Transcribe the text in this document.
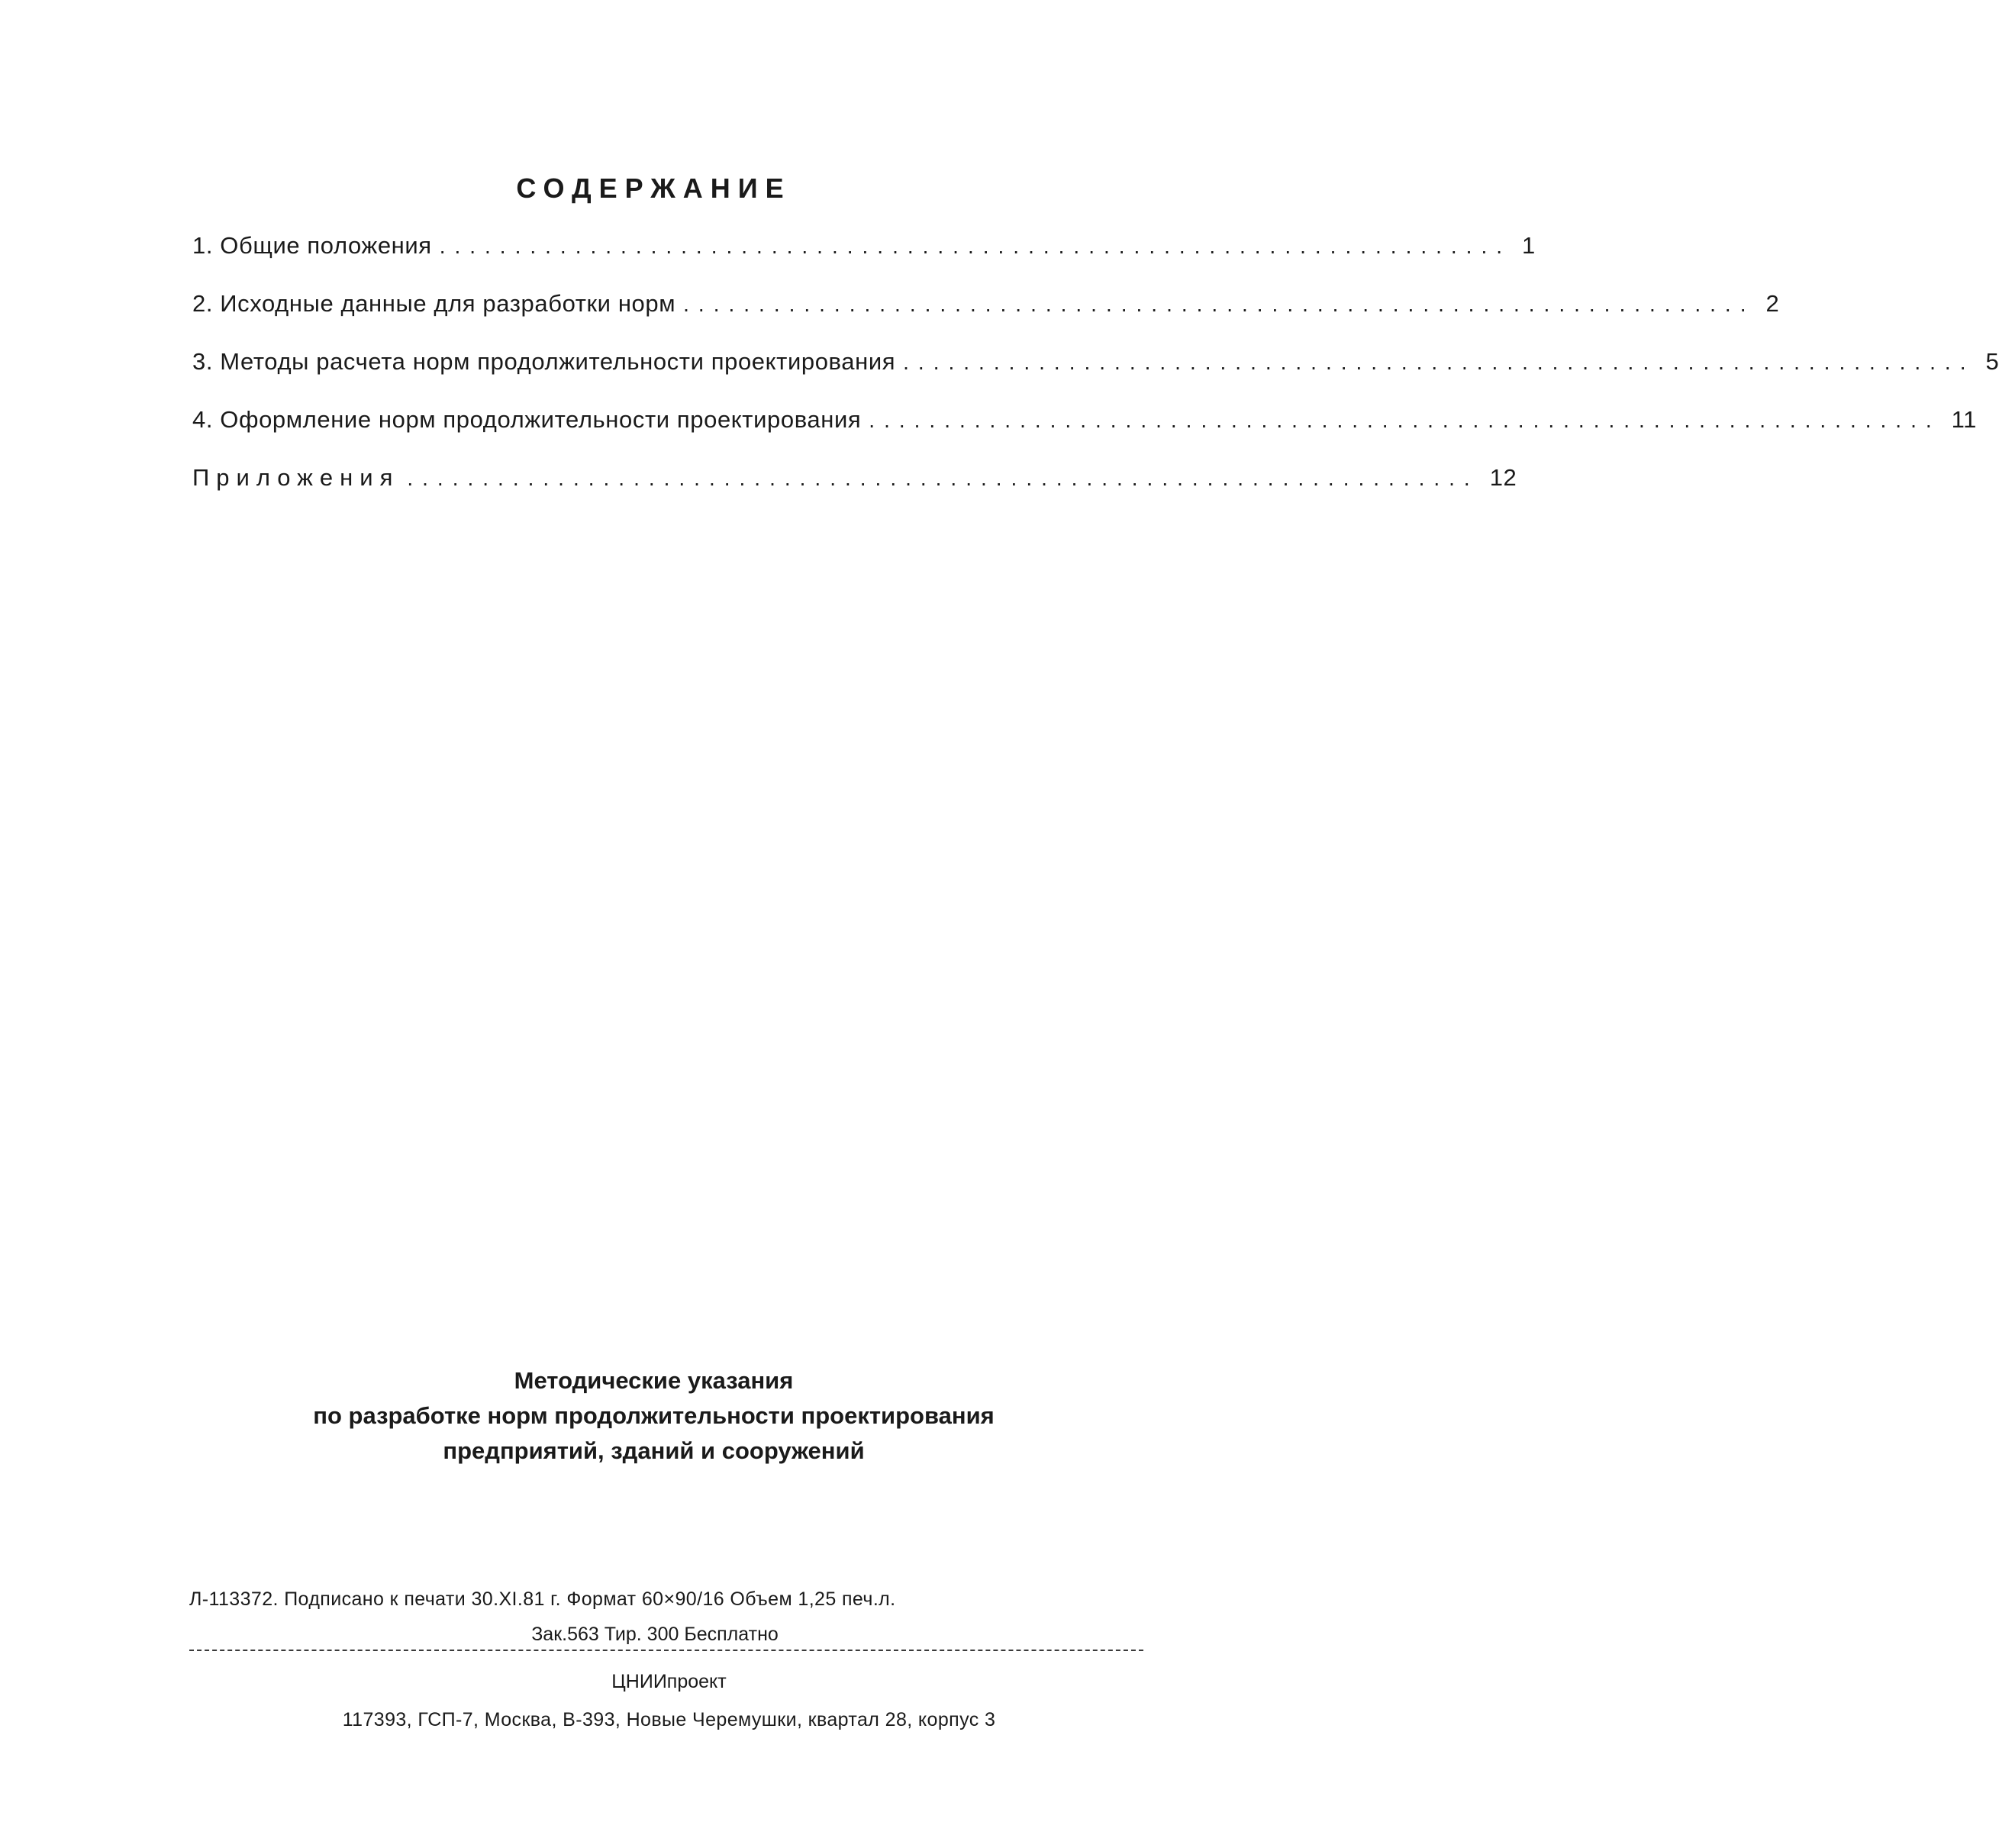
СОДЕРЖАНИЕ
1. Общие положения ....................................................................... 1
2. Исходные данные для разработки норм ....................................................................... 2
3. Методы расчета норм продолжительности проектирования ....................................................................... 5
4. Оформление норм продолжительности проектирования ....................................................................... 11
Приложения ....................................................................... 12
Методические указания
по разработке норм продолжительности проектирования
предприятий, зданий и сооружений
Л-113372. Подписано к печати 30.XI.81 г. Формат 60×90/16 Объем 1,25 печ.л.
Зак.563 Тир. 300 Бесплатно
ЦНИИпроект
117393, ГСП-7, Москва, В-393, Новые Черемушки, квартал 28, корпус 3
